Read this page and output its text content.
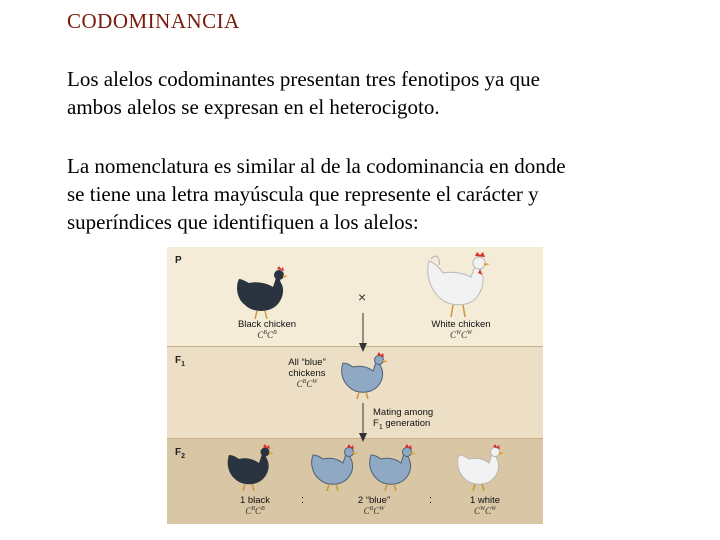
CODOMINANCIA
Los alelos codominantes presentan tres fenotipos ya que
ambos alelos se expresan en el heterocigoto.
La nomenclatura es similar al de la codominancia en donde
se tiene una letra mayúscula que represente el carácter y
superíndices que identifiquen a los alelos:
P
$F_1$
$F_2$
×
Black chicken
$C^BC^B$
White chicken
$C^WC^W$
All “blue”
chickens
$C^BC^W$
Mating among
$F_1$ generation
1 black
$C^BC^B$
:	2 “blue”
$C^BC^W$
:	1 white
$C^WC^W$
